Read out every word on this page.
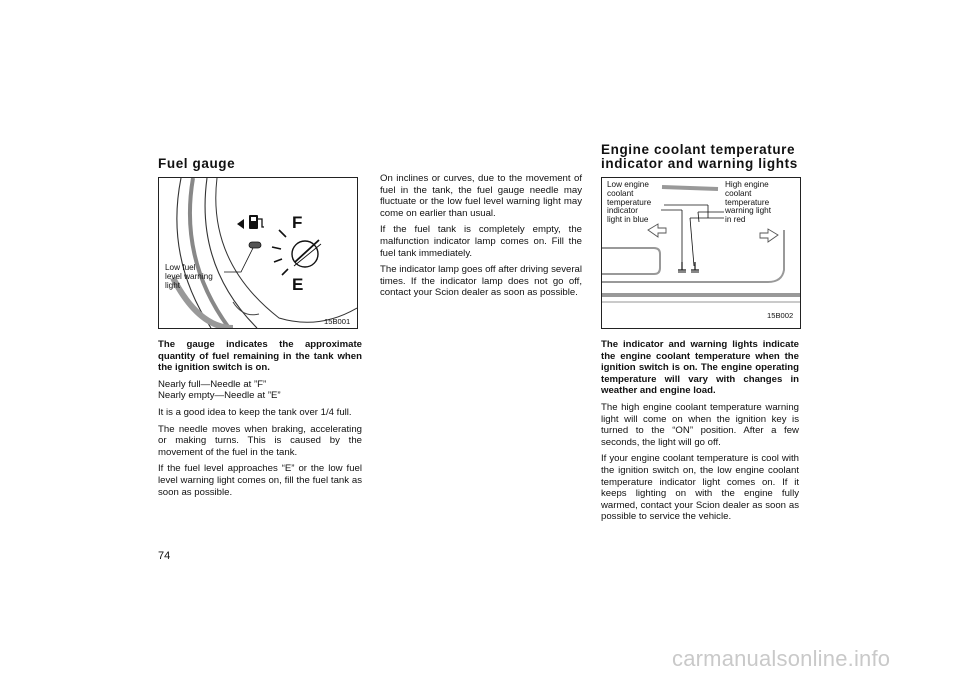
Fuel gauge
F
E
Low fuel
level warning
light
15B001

The gauge indicates the approximate quantity of fuel remaining in the tank when the ignition switch is on.

Nearly full—Needle at ”F”
Nearly empty—Needle at ”E”

It is a good idea to keep the tank over 1/4 full.

The needle moves when braking, accelerating or making turns. This is caused by the movement of the fuel in the tank.

If the fuel level approaches “E” or the low fuel level warning light comes on, fill the fuel tank as soon as possible.

On inclines or curves, due to the movement of fuel in the tank, the fuel gauge needle may fluctuate or the low fuel level warning light may come on earlier than usual.

If the fuel tank is completely empty, the malfunction indicator lamp comes on. Fill the fuel tank immediately.

The indicator lamp goes off after driving several times. If the indicator lamp does not go off, contact your Scion dealer as soon as possible.

Engine coolant temperature
indicator and warning lights
Low engine
coolant
temperature
indicator
light in blue
High engine
coolant
temperature
warning light
in red
15B002

The indicator and warning lights indicate the engine coolant temperature when the ignition switch is on. The engine operating temperature will vary with changes in weather and engine load.

The high engine coolant temperature warning light will come on when the ignition key is turned to the “ON” position. After a few seconds, the light will go off.

If your engine coolant temperature is cool with the ignition switch on, the low engine coolant temperature indicator light comes on. If it keeps lighting on with the engine fully warmed, contact your Scion dealer as soon as possible to service the vehicle.

74
carmanualsonline.info
